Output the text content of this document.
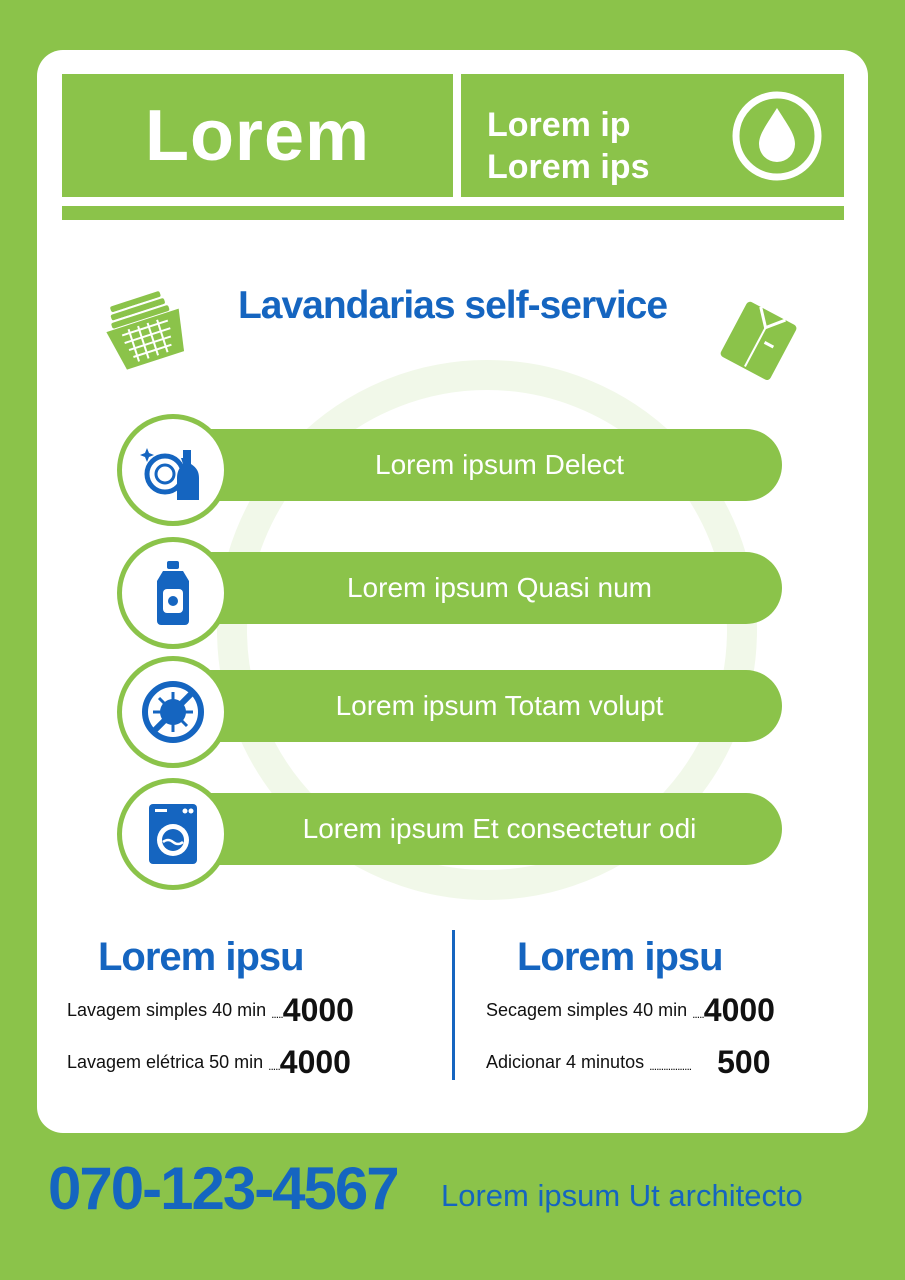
Lorem	Lorem ip
Lorem ips
Lavandarias self-service
Lorem ipsum Delect
Lorem ipsum Quasi num
Lorem ipsum Totam volupt
Lorem ipsum Et consectetur odi
Lorem ipsu
Lavagem simples 40 min ..... 4000
Lavagem elétrica 50 min ..... 4000
Lorem ipsu
Secagem simples 40 min ..... 4000
Adicionar 4 minutos .................. 500
070-123-4567 Lorem ipsum Ut architecto
